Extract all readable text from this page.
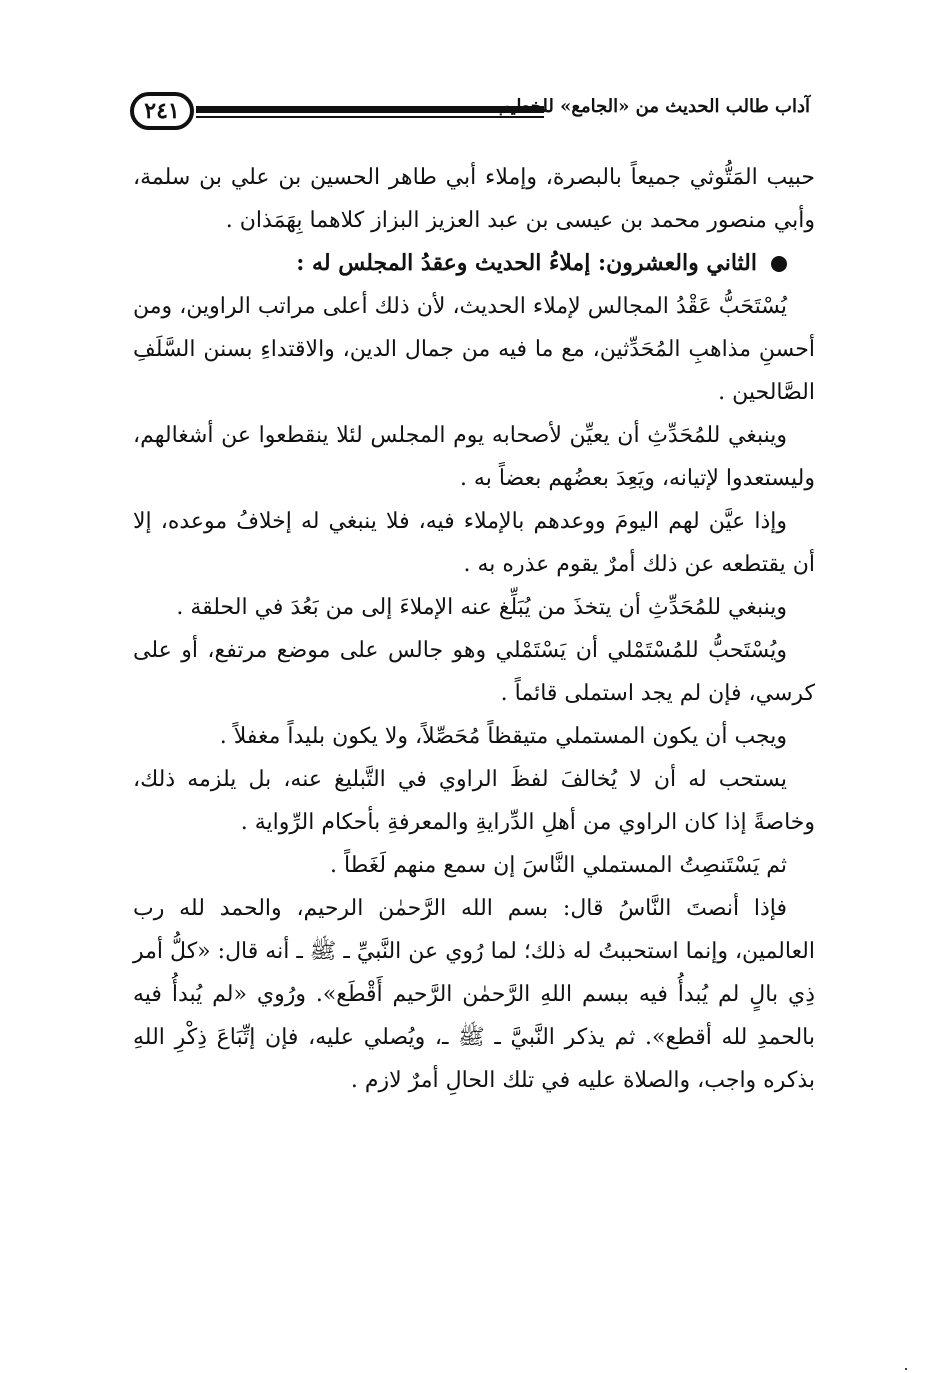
٢٤١	آداب طالب الحديث من «الجامع» للخطيب

حبيب المَتُّوثي جميعاً بالبصرة، وإملاء أبي طاهر الحسين بن علي بن سلمة، وأبي منصور محمد بن عيسى بن عبد العزيز البزاز كلاهما بِهَمَذان .

الثاني والعشرون: إملاءُ الحديث وعقدُ المجلس له :

يُسْتَحَبُّ عَقْدُ المجالس لإملاء الحديث، لأن ذلك أعلى مراتب الراوين، ومن أحسنِ مذاهبِ المُحَدِّثين، مع ما فيه من جمال الدين، والاقتداءِ بسنن السَّلَفِ الصَّالحين .

وينبغي للمُحَدِّثِ أن يعيِّن لأصحابه يوم المجلس لئلا ينقطعوا عن أشغالهم، وليستعدوا لإتيانه، ويَعِدَ بعضُهم بعضاً به .

وإذا عيَّن لهم اليومَ ووعدهم بالإملاء فيه، فلا ينبغي له إخلافُ موعده، إلا أن يقتطعه عن ذلك أمرٌ يقوم عذره به .

وينبغي للمُحَدِّثِ أن يتخذَ من يُبَلِّغ عنه الإملاءَ إلى من بَعُدَ في الحلقة .

ويُسْتَحبُّ للمُسْتَمْلي أن يَسْتَمْلي وهو جالس على موضع مرتفع، أو على كرسي، فإن لم يجد استملى قائماً .

ويجب أن يكون المستملي متيقظاً مُحَصِّلاً، ولا يكون بليداً مغفلاً .

يستحب له أن لا يُخالفَ لفظَ الراوي في التَّبليغ عنه، بل يلزمه ذلك، وخاصةً إذا كان الراوي من أهلِ الدِّرايةِ والمعرفةِ بأحكام الرِّواية .

ثم يَسْتَنصِتُ المستملي النَّاسَ إن سمع منهم لَغَطاً .

فإذا أنصتَ النَّاسُ قال: بسم الله الرَّحمٰن الرحيم، والحمد لله رب العالمين، وإنما استحببتُ له ذلك؛ لما رُوي عن النَّبيِّ ـ ﷺ ـ أنه قال: «كلُّ أمر ذِي بالٍ لم يُبدأُ فيه ببسم اللهِ الرَّحمٰن الرَّحيم أَقْطَع». ورُوي «لم يُبدأُ فيه بالحمدِ لله أقطع». ثم يذكر النَّبيَّ ـ ﷺ ـ، ويُصلي عليه، فإن إتِّبَاعَ ذِكْرِ اللهِ بذكره واجب، والصلاة عليه في تلك الحالِ أمرٌ لازم .
